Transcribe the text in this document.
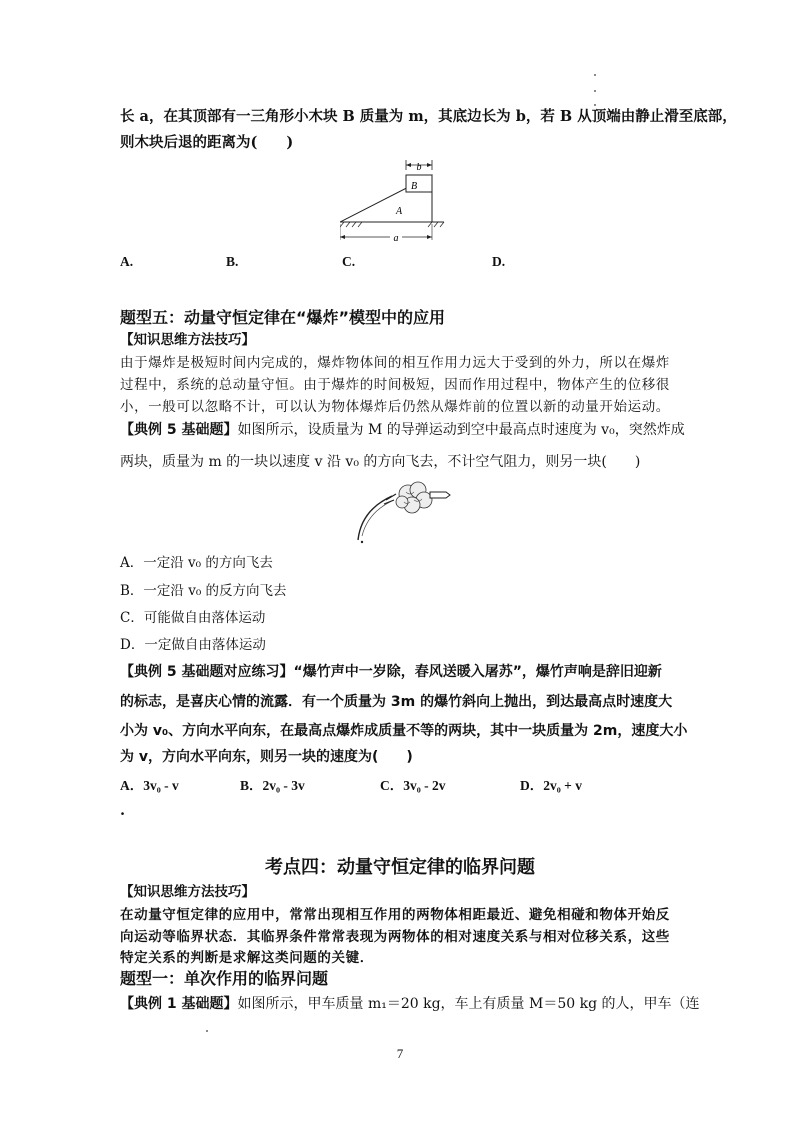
长 a，在其顶部有一三角形小木块 B 质量为 m，其底边长为 b，若 B 从顶端由静止滑至底部，
则木块后退的距离为(　　)
b
B
A
a
A.	B.	C.	D.
题型五：动量守恒定律在“爆炸”模型中的应用
【知识思维方法技巧】
由于爆炸是极短时间内完成的，爆炸物体间的相互作用力远大于受到的外力，所以在爆炸
过程中，系统的总动量守恒。由于爆炸的时间极短，因而作用过程中，物体产生的位移很
小，一般可以忽略不计，可以认为物体爆炸后仍然从爆炸前的位置以新的动量开始运动。
【典例 5 基础题】如图所示，设质量为 M 的导弹运动到空中最高点时速度为 v₀，突然炸成
两块，质量为 m 的一块以速度 v 沿 v₀ 的方向飞去，不计空气阻力，则另一块(　　)
A．一定沿 v₀ 的方向飞去
B．一定沿 v₀ 的反方向飞去
C．可能做自由落体运动
D．一定做自由落体运动
【典例 5 基础题对应练习】“爆竹声中一岁除，春风送暖入屠苏”，爆竹声响是辞旧迎新
的标志，是喜庆心情的流露．有一个质量为 3m 的爆竹斜向上抛出，到达最高点时速度大
小为 v₀、方向水平向东，在最高点爆炸成质量不等的两块，其中一块质量为 2m，速度大小
为 v，方向水平向东，则另一块的速度为(　　)
A．3v₀ - v	B．2v₀ - 3v	C．3v₀ - 2v	D．2v₀ + v
.
考点四：动量守恒定律的临界问题
【知识思维方法技巧】
在动量守恒定律的应用中，常常出现相互作用的两物体相距最近、避免相碰和物体开始反
向运动等临界状态．其临界条件常常表现为两物体的相对速度关系与相对位移关系，这些
特定关系的判断是求解这类问题的关键．
题型一：单次作用的临界问题
【典例 1 基础题】如图所示，甲车质量 m₁＝20 kg，车上有质量 M＝50 kg 的人，甲车（连
7
